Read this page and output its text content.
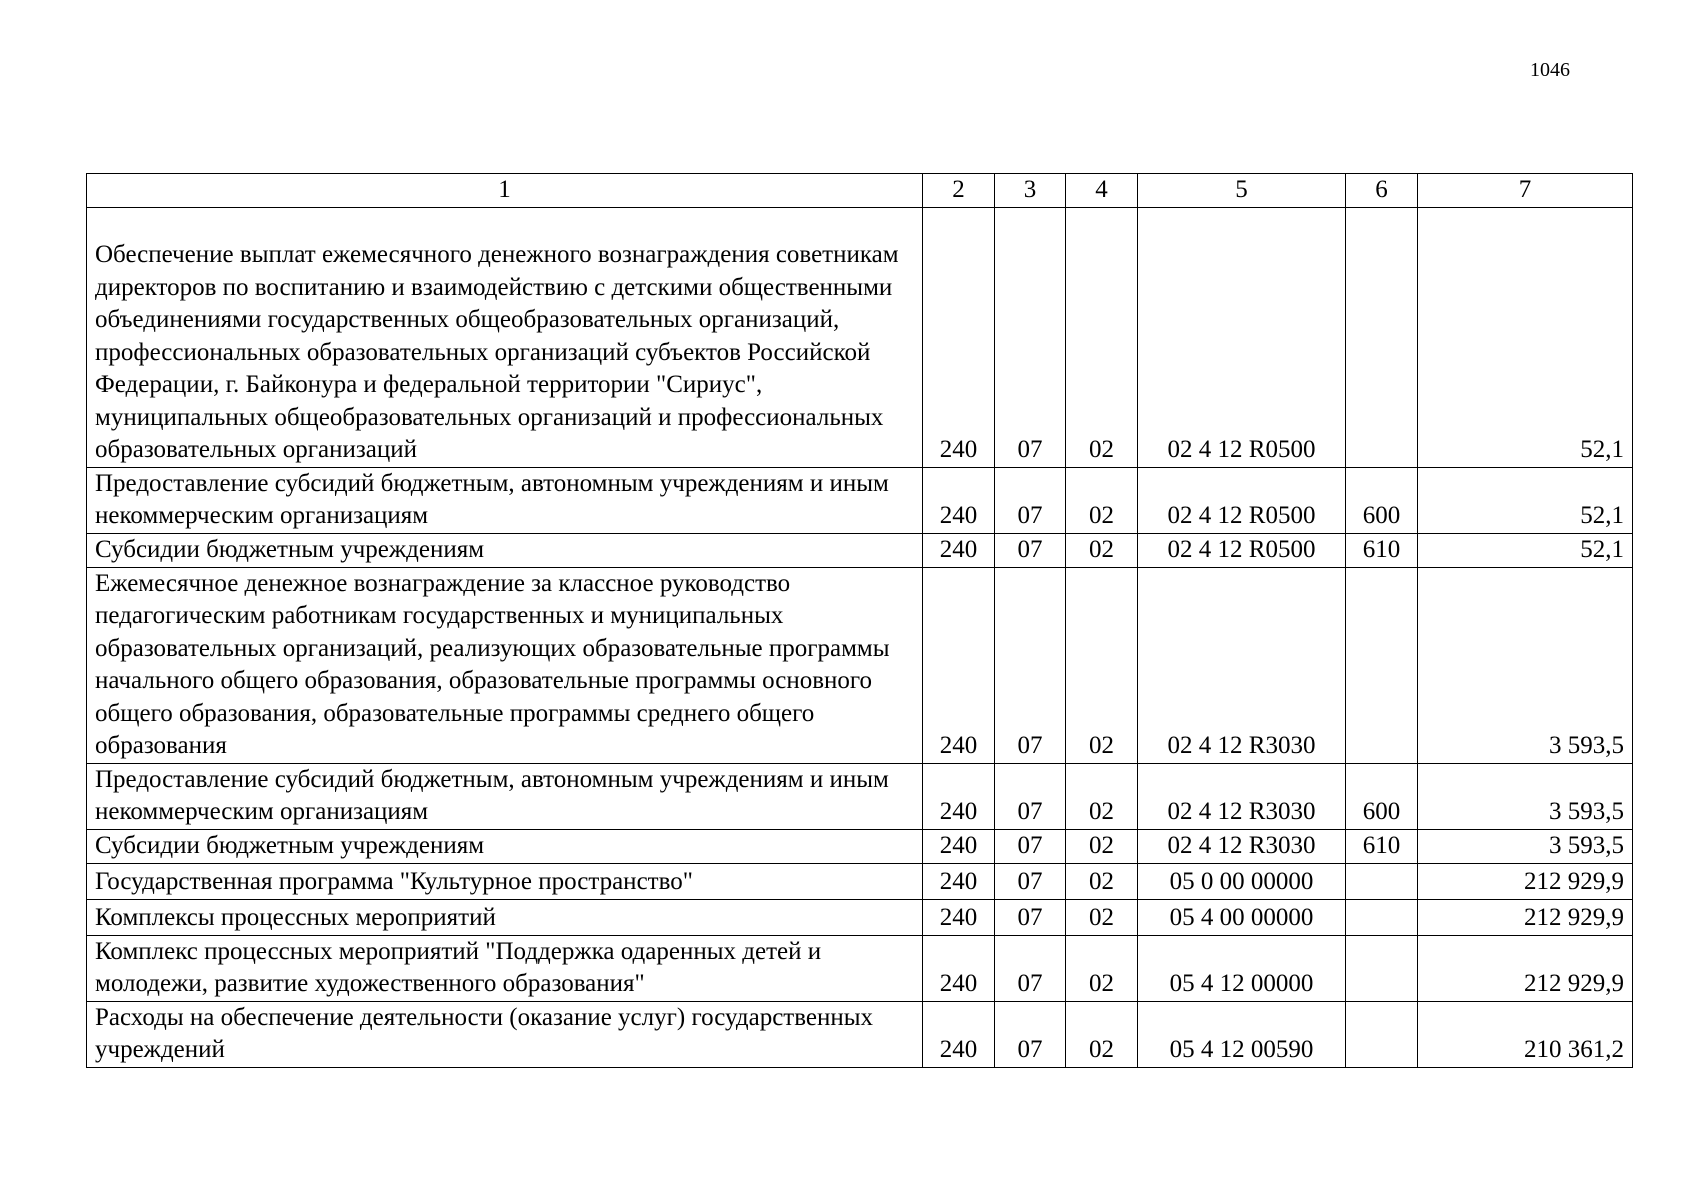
1046
1	2	3	4	5	6	7
Обеспечение выплат ежемесячного денежного вознаграждения советникам директоров по воспитанию и взаимодействию с детскими общественными объединениями государственных общеобразовательных организаций, профессиональных образовательных организаций субъектов Российской Федерации, г. Байконура и федеральной территории "Сириус", муниципальных общеобразовательных организаций и профессиональных образовательных организаций	240	07	02	02 4 12 R0500		52,1
Предоставление субсидий бюджетным, автономным учреждениям и иным некоммерческим организациям	240	07	02	02 4 12 R0500	600	52,1
Субсидии бюджетным учреждениям	240	07	02	02 4 12 R0500	610	52,1
Ежемесячное денежное вознаграждение за классное руководство педагогическим работникам государственных и муниципальных образовательных организаций, реализующих образовательные программы начального общего образования, образовательные программы основного общего образования, образовательные программы среднего общего образования	240	07	02	02 4 12 R3030		3 593,5
Предоставление субсидий бюджетным, автономным учреждениям и иным некоммерческим организациям	240	07	02	02 4 12 R3030	600	3 593,5
Субсидии бюджетным учреждениям	240	07	02	02 4 12 R3030	610	3 593,5
Государственная программа "Культурное пространство"	240	07	02	05 0 00 00000		212 929,9
Комплексы процессных мероприятий	240	07	02	05 4 00 00000		212 929,9
Комплекс процессных мероприятий "Поддержка одаренных детей и молодежи, развитие художественного образования"	240	07	02	05 4 12 00000		212 929,9
Расходы на обеспечение деятельности (оказание услуг) государственных учреждений	240	07	02	05 4 12 00590		210 361,2
